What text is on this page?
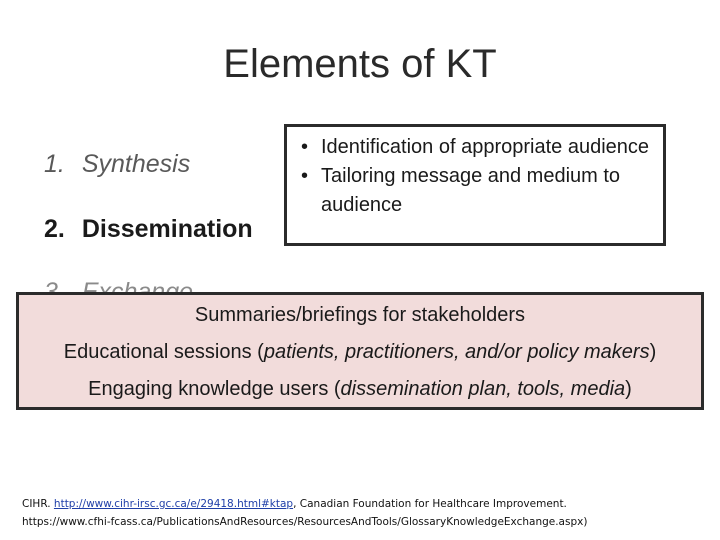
Elements of KT
1. Synthesis
2. Dissemination
• Identification of appropriate audience
• Tailoring message and medium to audience
Summaries/briefings for stakeholders
Educational sessions (patients, practitioners, and/or policy makers)
Engaging knowledge users (dissemination plan, tools, media)
CIHR. http://www.cihr-irsc.gc.ca/e/29418.html#ktap, Canadian Foundation for Healthcare Improvement.
https://www.cfhi-fcass.ca/PublicationsAndResources/ResourcesAndTools/GlossaryKnowledgeExchange.aspx)
